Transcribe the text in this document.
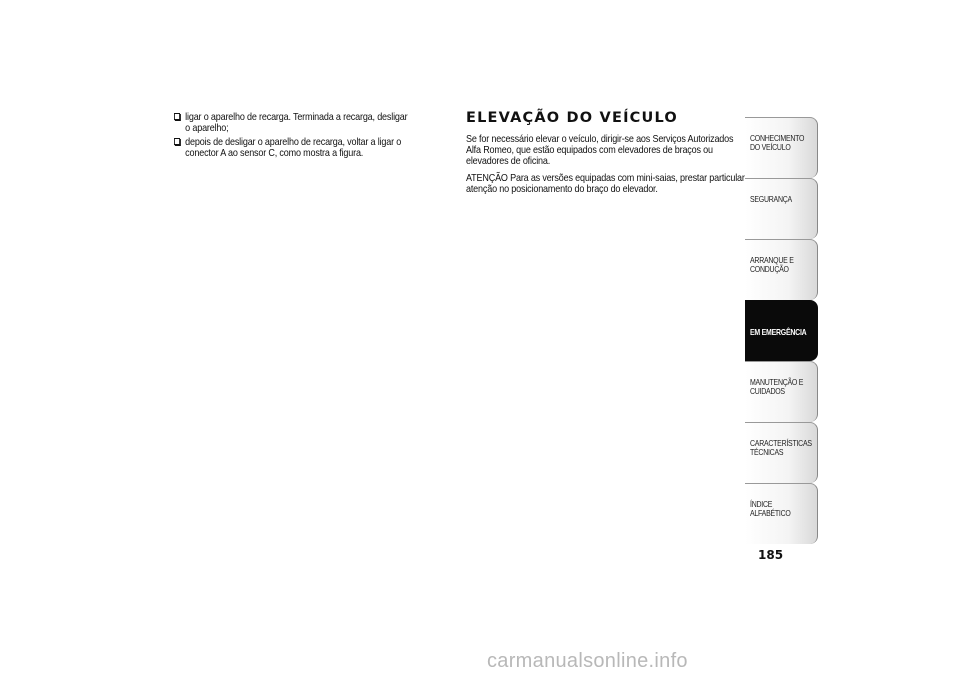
ligar o aparelho de recarga. Terminada a recarga, desligar o aparelho;
depois de desligar o aparelho de recarga, voltar a ligar o conector A ao sensor C, como mostra a figura.
ELEVAÇÃO DO VEÍCULO

Se for necessário elevar o veículo, dirigir-se aos Serviços Autorizados Alfa Romeo, que estão equipados com elevadores de braços ou elevadores de oficina.

ATENÇÃO Para as versões equipadas com mini-saias, prestar particular atenção no posicionamento do braço do elevador.

CONHECIMENTO DO VEÍCULO
SEGURANÇA
ARRANQUE E CONDUÇÃO
EM EMERGÊNCIA
MANUTENÇÃO E CUIDADOS
CARACTERÍSTICAS TÉCNICAS
ÍNDICE ALFABÉTICO
185
carmanualsonline.info
